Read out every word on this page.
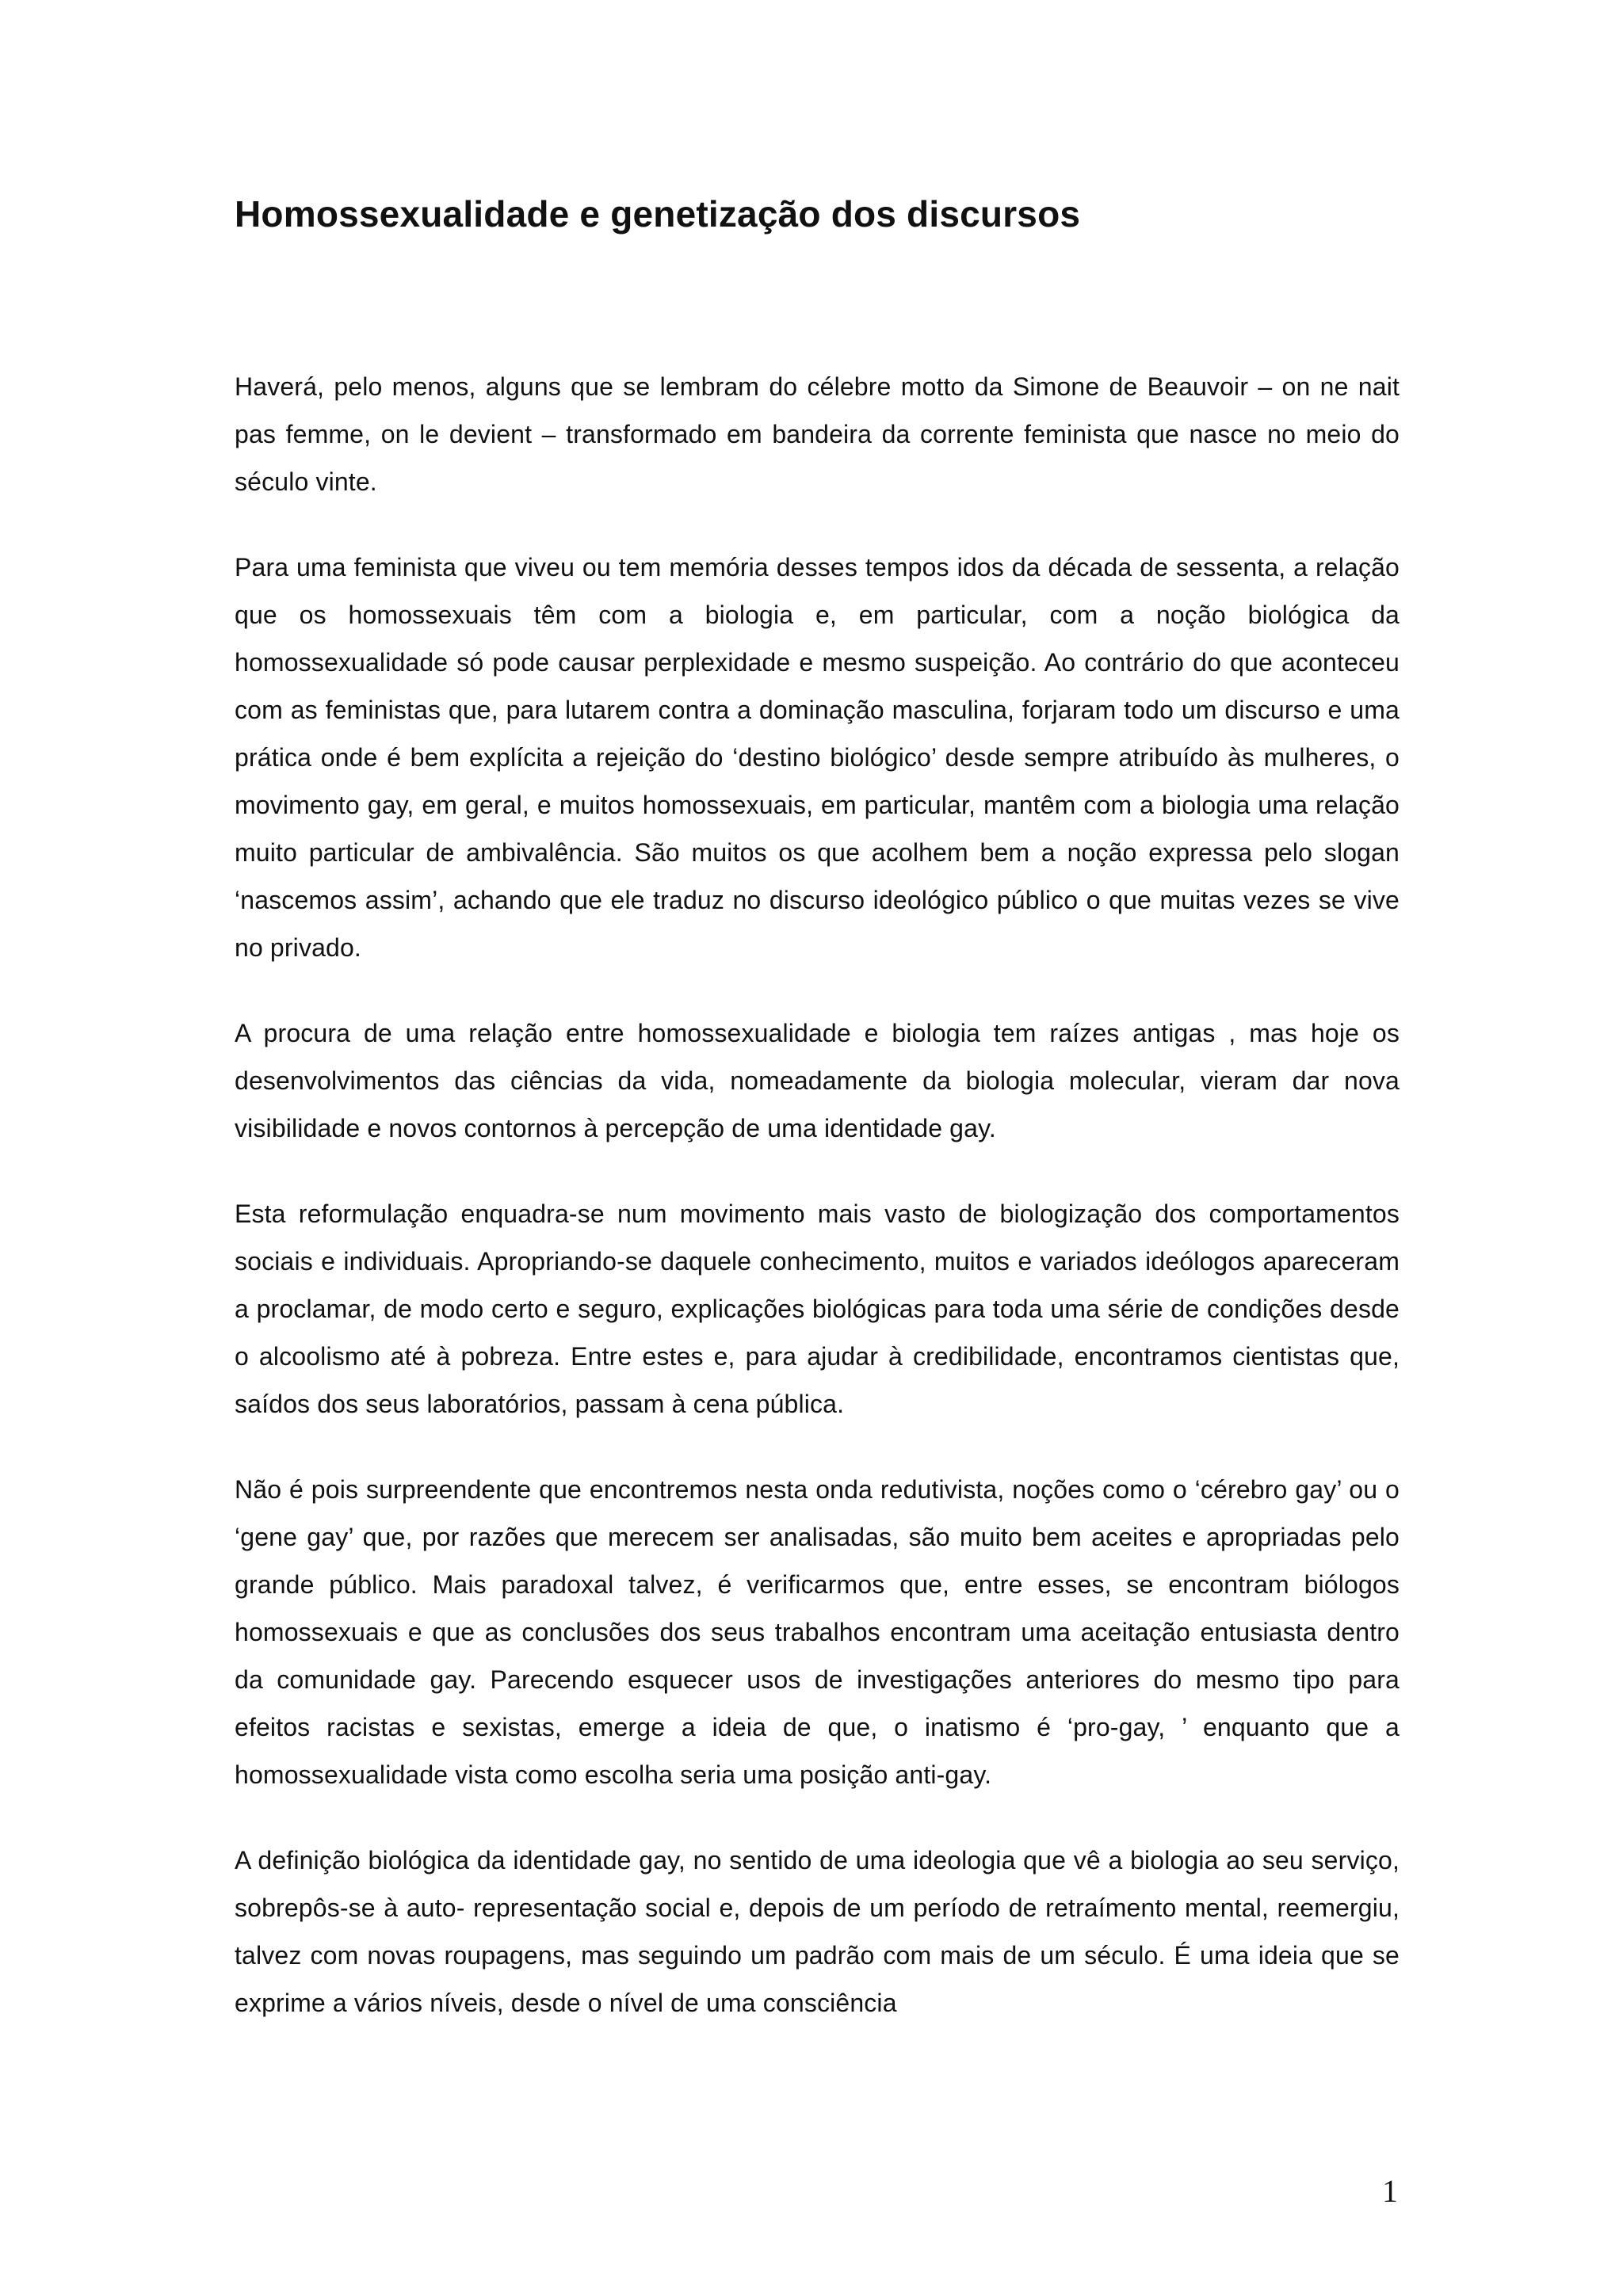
Homossexualidade e genetização dos discursos

Haverá, pelo menos, alguns que se lembram do célebre motto da Simone de Beauvoir – on ne nait pas femme, on le devient – transformado em bandeira da corrente feminista que nasce no meio do século vinte.

Para uma feminista que viveu ou tem memória desses tempos idos da década de sessenta, a relação que os homossexuais têm com a biologia e, em particular, com a noção biológica da homossexualidade só pode causar perplexidade e mesmo suspeição. Ao contrário do que aconteceu com as feministas que, para lutarem contra a dominação masculina, forjaram todo um discurso e uma prática onde é bem explícita a rejeição do ‘destino biológico’ desde sempre atribuído às mulheres, o movimento gay, em geral, e muitos homossexuais, em particular, mantêm com a biologia uma relação muito particular de ambivalência. São muitos os que acolhem bem a noção expressa pelo slogan ‘nascemos assim’, achando que ele traduz no discurso ideológico público o que muitas vezes se vive no privado.

A procura de uma relação entre homossexualidade e biologia tem raízes antigas , mas hoje os desenvolvimentos das ciências da vida, nomeadamente da biologia molecular, vieram dar nova visibilidade e novos contornos à percepção de uma identidade gay.

Esta reformulação enquadra-se num movimento mais vasto de biologização dos comportamentos sociais e individuais. Apropriando-se daquele conhecimento, muitos e variados ideólogos apareceram a proclamar, de modo certo e seguro, explicações biológicas para toda uma série de condições desde o alcoolismo até à pobreza. Entre estes e, para ajudar à credibilidade, encontramos cientistas que, saídos dos seus laboratórios, passam à cena pública.

Não é pois surpreendente que encontremos nesta onda redutivista, noções como o ‘cérebro gay’ ou o ‘gene gay’ que, por razões que merecem ser analisadas, são muito bem aceites e apropriadas pelo grande público. Mais paradoxal talvez, é verificarmos que, entre esses, se encontram biólogos homossexuais e que as conclusões dos seus trabalhos encontram uma aceitação entusiasta dentro da comunidade gay. Parecendo esquecer usos de investigações anteriores do mesmo tipo para efeitos racistas e sexistas, emerge a ideia de que, o inatismo é ‘pro-gay, ’ enquanto que a homossexualidade vista como escolha seria uma posição anti-gay.

A definição biológica da identidade gay, no sentido de uma ideologia que vê a biologia ao seu serviço, sobrepôs-se à auto- representação social e, depois de um período de retraímento mental, reemergiu, talvez com novas roupagens, mas seguindo um padrão com mais de um século. É uma ideia que se exprime a vários níveis, desde o nível de uma consciência

1
